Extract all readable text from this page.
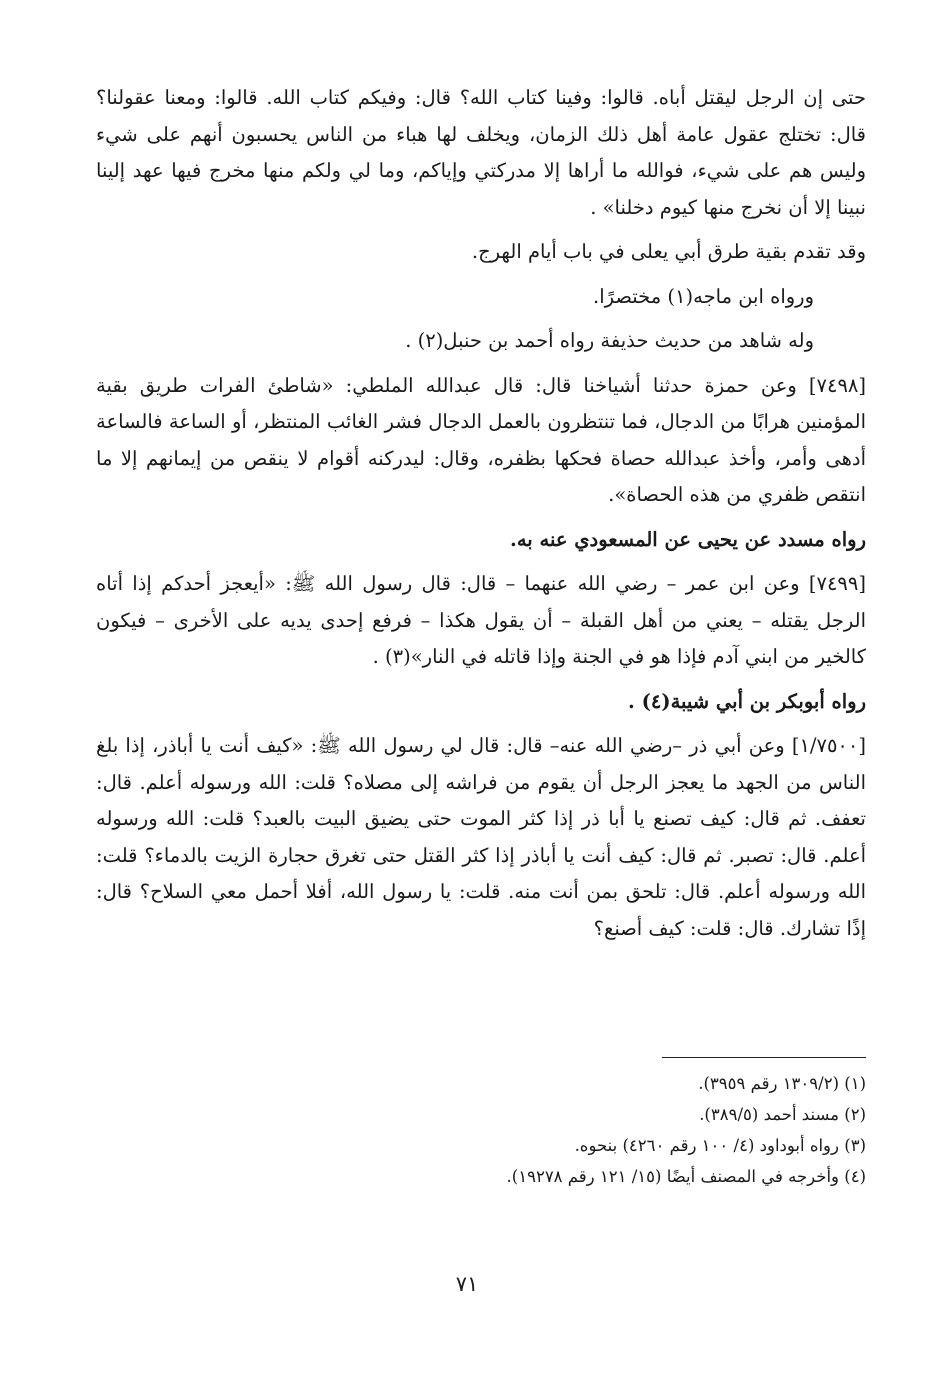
حتى إن الرجل ليقتل أباه. قالوا: وفينا كتاب الله؟ قال: وفيكم كتاب الله. قالوا: ومعنا عقولنا؟ قال: تختلج عقول عامة أهل ذلك الزمان، ويخلف لها هباء من الناس يحسبون أنهم على شيء وليس هم على شيء، فوالله ما أراها إلا مدركتي وإياكم، وما لي ولكم منها مخرج فيها عهد إلينا نبينا إلا أن نخرج منها كيوم دخلنا» .

وقد تقدم بقية طرق أبي يعلى في باب أيام الهرج.

ورواه ابن ماجه(١) مختصرًا.

وله شاهد من حديث حذيفة رواه أحمد بن حنبل(٢) .

[٧٤٩٨] وعن حمزة حدثنا أشياخنا قال: قال عبدالله الملطي: «شاطئ الفرات طريق بقية المؤمنين هرابًا من الدجال، فما تنتظرون بالعمل الدجال فشر الغائب المنتظر، أو الساعة فالساعة أدهى وأمر، وأخذ عبدالله حصاة فحكها بظفره، وقال: ليدركنه أقوام لا ينقص من إيمانهم إلا ما انتقص ظفري من هذه الحصاة».

رواه مسدد عن يحيى عن المسعودي عنه به.

[٧٤٩٩] وعن ابن عمر – رضي الله عنهما – قال: قال رسول الله ﷺ: «أيعجز أحدكم إذا أتاه الرجل يقتله – يعني من أهل القبلة – أن يقول هكذا – فرفع إحدى يديه على الأخرى – فيكون كالخير من ابني آدم فإذا هو في الجنة وإذا قاتله في النار»(٣) .

رواه أبوبكر بن أبي شيبة(٤) .

[١/٧٥٠٠] وعن أبي ذر –رضي الله عنه– قال: قال لي رسول الله ﷺ: «كيف أنت يا أباذر، إذا بلغ الناس من الجهد ما يعجز الرجل أن يقوم من فراشه إلى مصلاه؟ قلت: الله ورسوله أعلم. قال: تعفف. ثم قال: كيف تصنع يا أبا ذر إذا كثر الموت حتى يضيق البيت بالعبد؟ قلت: الله ورسوله أعلم. قال: تصبر. ثم قال: كيف أنت يا أباذر إذا كثر القتل حتى تغرق حجارة الزيت بالدماء؟ قلت: الله ورسوله أعلم. قال: تلحق بمن أنت منه. قلت: يا رسول الله، أفلا أحمل معي السلاح؟ قال: إذًا تشارك. قال: قلت: كيف أصنع؟

(١) (١٣٠٩/٢ رقم ٣٩٥٩).

(٢) مسند أحمد (٣٨٩/٥).

(٣) رواه أبوداود (٤/ ١٠٠ رقم ٤٢٦٠) بنحوه.

(٤) وأخرجه في المصنف أيضًا (١٥/ ١٢١ رقم ١٩٢٧٨).

٧١
